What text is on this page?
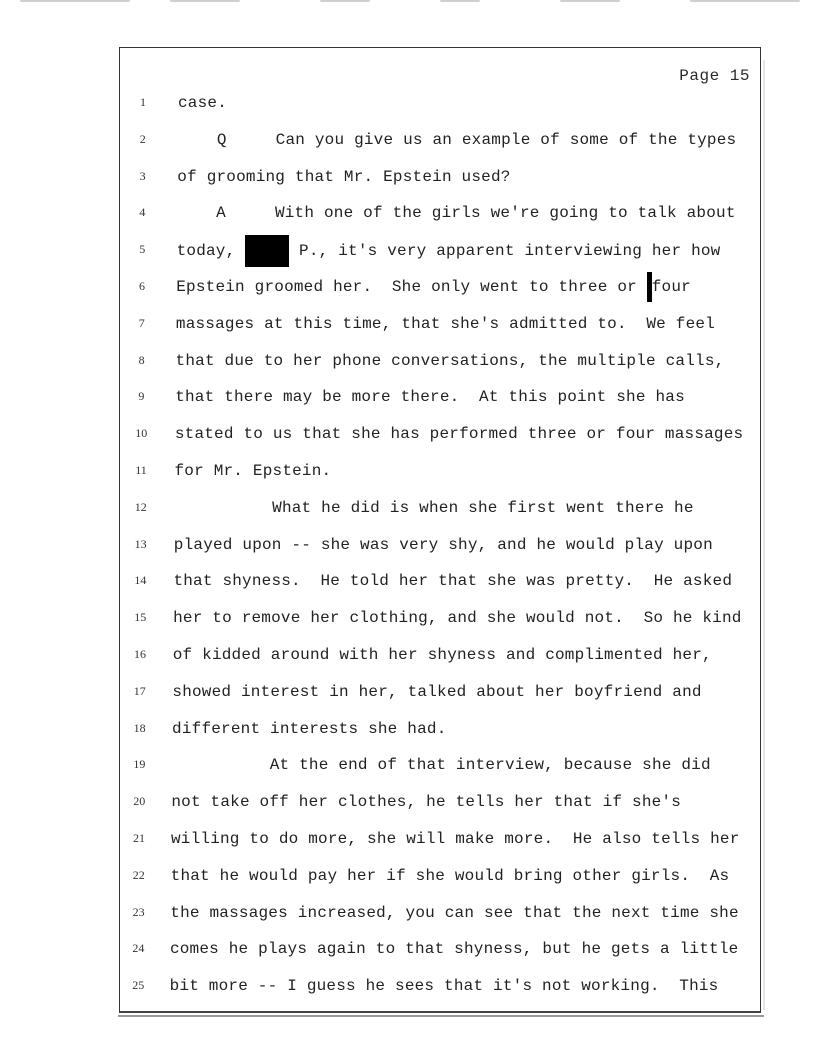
Page 15
1	case.
2	Q     Can you give us an example of some of the types
3	of grooming that Mr. Epstein used?
4	A     With one of the girls we're going to talk about
5	today,	P., it's very apparent interviewing her how
6	Epstein groomed her.  She only went to three or four
7	massages at this time, that she's admitted to.  We feel
8	that due to her phone conversations, the multiple calls,
9	that there may be more there.  At this point she has
10	stated to us that she has performed three or four massages
11	for Mr. Epstein.
12	What he did is when she first went there he
13	played upon -- she was very shy, and he would play upon
14	that shyness.  He told her that she was pretty.  He asked
15	her to remove her clothing, and she would not.  So he kind
16	of kidded around with her shyness and complimented her,
17	showed interest in her, talked about her boyfriend and
18	different interests she had.
19	At the end of that interview, because she did
20	not take off her clothes, he tells her that if she's
21	willing to do more, she will make more.  He also tells her
22	that he would pay her if she would bring other girls.  As
23	the massages increased, you can see that the next time she
24	comes he plays again to that shyness, but he gets a little
25	bit more -- I guess he sees that it's not working.  This
